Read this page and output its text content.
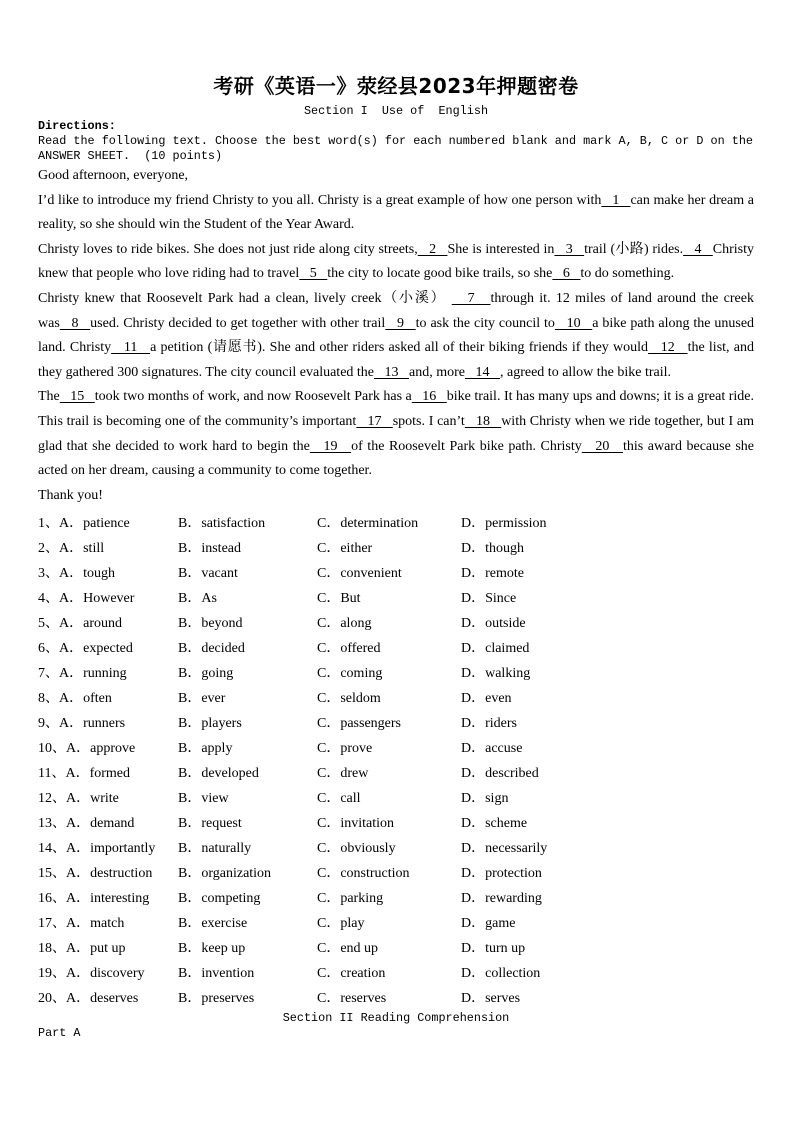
考研《英语一》荥经县2023年押题密卷
Section I  Use of  English
Directions:
Read the following text. Choose the best word(s) for each numbered blank and mark A, B, C or D on the
ANSWER SHEET.  (10 points)

Good afternoon, everyone,

I’d like to introduce my friend Christy to you all. Christy is a great example of how one person with   1   can make her dream a reality, so she should win the Student of the Year Award.

Christy loves to ride bikes. She does not just ride along city streets,   2   She is interested in   3   trail (小路) rides.   4   Christy knew that people who love riding had to travel   5   the city to locate good bike trails, so she   6   to do something.

Christy knew that Roosevelt Park had a clean, lively creek（小溪）    7   through it. 12 miles of land around the creek was   8   used. Christy decided to get together with other trail   9   to ask the city council to   10   a bike path along the unused land. Christy   11   a petition (请愿书). She and other riders asked all of their biking friends if they would   12   the list, and they gathered 300 signatures. The city council evaluated the   13   and, more   14   , agreed to allow the bike trail.

The   15   took two months of work, and now Roosevelt Park has a   16   bike trail. It has many ups and downs; it is a great ride. This trail is becoming one of the community’s important   17   spots. I can’t   18   with Christy when we ride together, but I am glad that she decided to work hard to begin the   19   of the Roosevelt Park bike path. Christy   20   this award because she acted on her dream, causing a community to come together.

Thank you!

1、A．patience	B．satisfaction	C．determination	D．permission
2、A．still	B．instead	C．either	D．though
3、A．tough	B．vacant	C．convenient	D．remote
4、A．However	B．As	C．But	D．Since
5、A．around	B．beyond	C．along	D．outside
6、A．expected	B．decided	C．offered	D．claimed
7、A．running	B．going	C．coming	D．walking
8、A．often	B．ever	C．seldom	D．even
9、A．runners	B．players	C．passengers	D．riders
10、A．approve	B．apply	C．prove	D．accuse
11、A．formed	B．developed	C．drew	D．described
12、A．write	B．view	C．call	D．sign
13、A．demand	B．request	C．invitation	D．scheme
14、A．importantly	B．naturally	C．obviously	D．necessarily
15、A．destruction	B．organization	C．construction	D．protection
16、A．interesting	B．competing	C．parking	D．rewarding
17、A．match	B．exercise	C．play	D．game
18、A．put up	B．keep up	C．end up	D．turn up
19、A．discovery	B．invention	C．creation	D．collection
20、A．deserves	B．preserves	C．reserves	D．serves
Section II Reading Comprehension
Part A
